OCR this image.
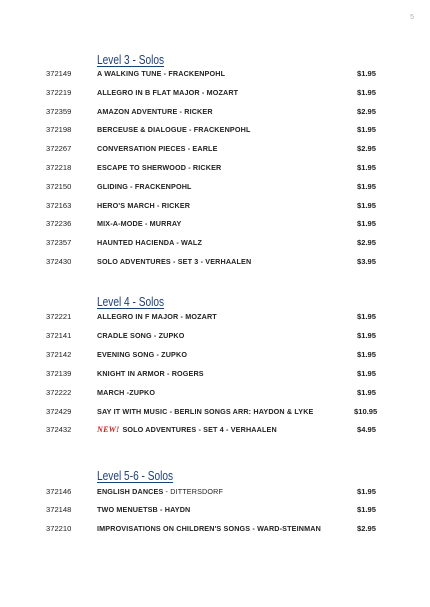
5
Level 3 - Solos
372149	A WALKING TUNE - FRACKENPOHL	$1.95
372219	ALLEGRO IN B FLAT MAJOR - MOZART	$1.95
372359	AMAZON ADVENTURE - RICKER	$2.95
372198	BERCEUSE & DIALOGUE - FRACKENPOHL	$1.95
372267	CONVERSATION PIECES - EARLE	$2.95
372218	ESCAPE TO SHERWOOD - RICKER	$1.95
372150	GLIDING - FRACKENPOHL	$1.95
372163	HERO'S MARCH - RICKER	$1.95
372236	MIX-A-MODE - MURRAY	$1.95
372357	HAUNTED HACIENDA - WALZ	$2.95
372430	SOLO ADVENTURES - SET 3 - VERHAALEN	$3.95
Level 4 - Solos
372221	ALLEGRO IN F MAJOR - MOZART	$1.95
372141	CRADLE SONG - ZUPKO	$1.95
372142	EVENING SONG - ZUPKO	$1.95
372139	KNIGHT IN ARMOR - ROGERS	$1.95
372222	MARCH -ZUPKO	$1.95
372429	SAY IT WITH MUSIC - BERLIN SONGS ARR: HAYDON & LYKE	$10.95
372432	NEW! SOLO ADVENTURES - SET 4 - VERHAALEN	$4.95
Level 5-6 - Solos
372146	ENGLISH DANCES - DITTERSDORF	$1.95
372148	TWO MENUETSB - HAYDN	$1.95
372210	IMPROVISATIONS ON CHILDREN'S SONGS - WARD-STEINMAN	$2.95
